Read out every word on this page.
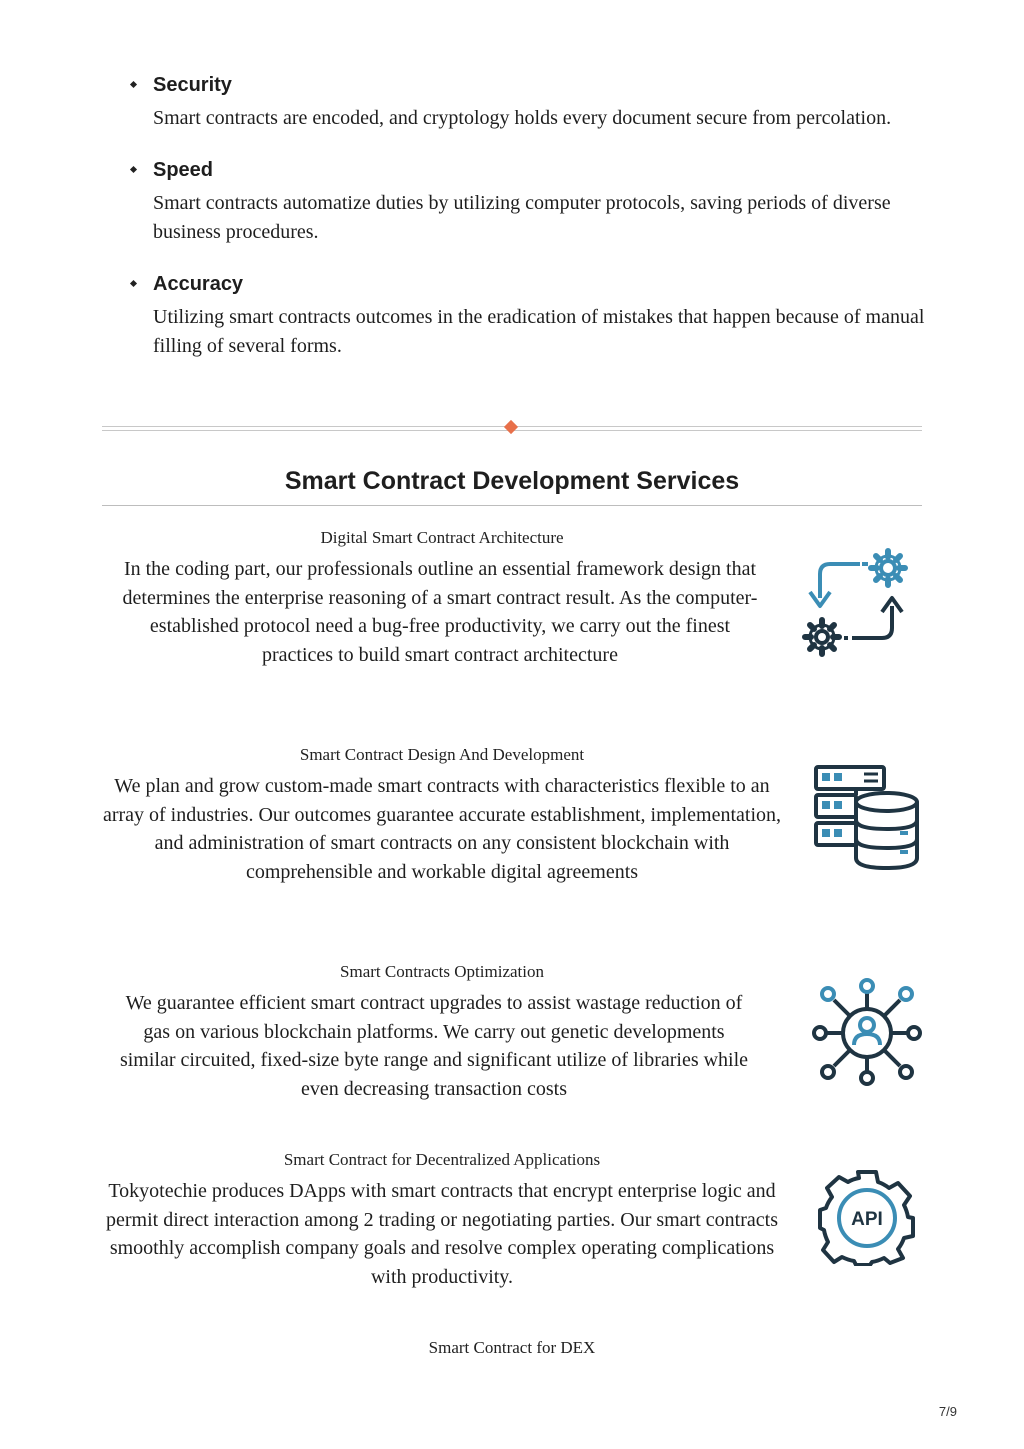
Security
Smart contracts are encoded, and cryptology holds every document secure from percolation.
Speed
Smart contracts automatize duties by utilizing computer protocols, saving periods of diverse business procedures.
Accuracy
Utilizing smart contracts outcomes in the eradication of mistakes that happen because of manual filling of several forms.
Smart Contract Development Services
Digital Smart Contract Architecture
In the coding part, our professionals outline an essential framework design that determines the enterprise reasoning of a smart contract result. As the computer-established protocol need a bug-free productivity, we carry out the finest practices to build smart contract architecture
Smart Contract Design And Development
We plan and grow custom-made smart contracts with characteristics flexible to an array of industries. Our outcomes guarantee accurate establishment, implementation, and administration of smart contracts on any consistent blockchain with comprehensible and workable digital agreements
Smart Contracts Optimization
We guarantee efficient smart contract upgrades to assist wastage reduction of gas on various blockchain platforms. We carry out genetic developments similar circuited, fixed-size byte range and significant utilize of libraries while even decreasing transaction costs
Smart Contract for Decentralized Applications
Tokyotechie produces DApps with smart contracts that encrypt enterprise logic and permit direct interaction among 2 trading or negotiating parties. Our smart contracts smoothly accomplish company goals and resolve complex operating complications with productivity.
API
Smart Contract for DEX
7/9
